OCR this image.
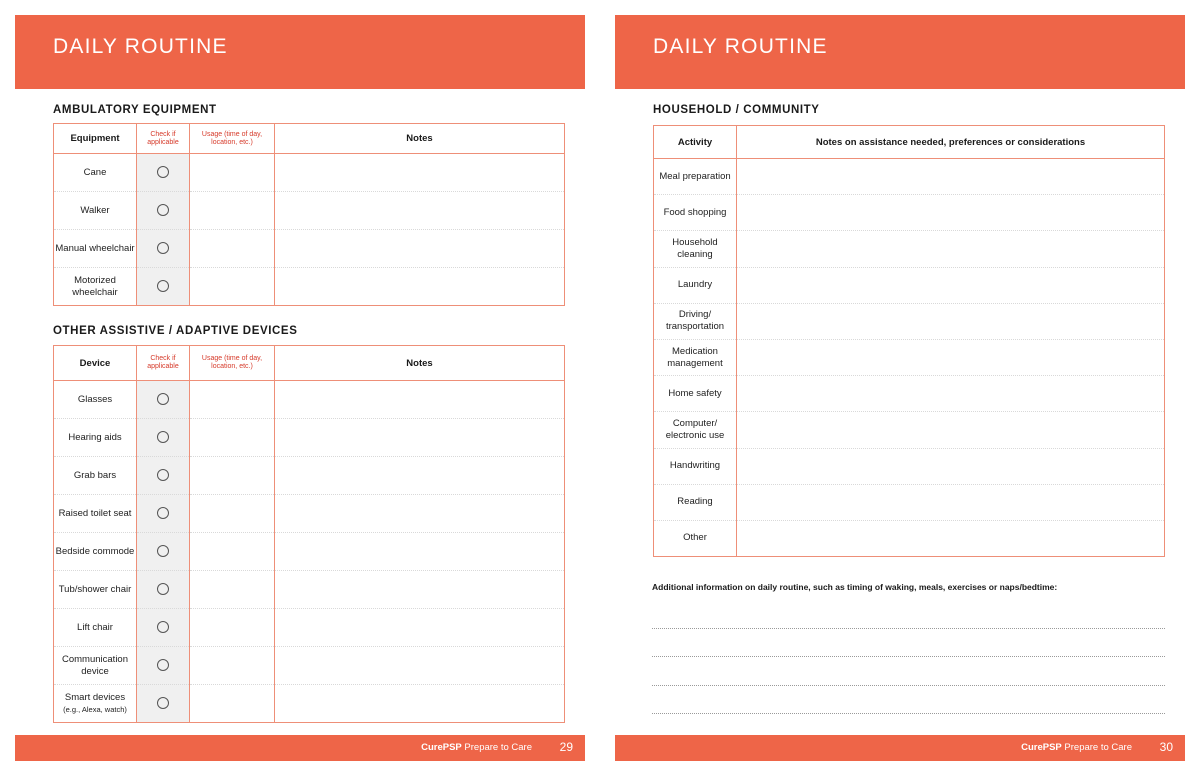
DAILY ROUTINE
AMBULATORY EQUIPMENT
Equipment	Check if applicable	Usage (time of day, location, etc.)	Notes
Cane			
Walker			
Manual wheelchair			
Motorized wheelchair			
OTHER ASSISTIVE / ADAPTIVE DEVICES
Device	Check if applicable	Usage (time of day, location, etc.)	Notes
Glasses			
Hearing aids			
Grab bars			
Raised toilet seat			
Bedside commode			
Tub/shower chair			
Lift chair			
Communication device			
Smart devices
(e.g., Alexa, watch)			
CurePSP Prepare to Care 29
DAILY ROUTINE
HOUSEHOLD / COMMUNITY
Activity	Notes on assistance needed, preferences or considerations
Meal preparation	
Food shopping	
Household cleaning	
Laundry	
Driving/ transportation	
Medication management	
Home safety	
Computer/ electronic use	
Handwriting	
Reading	
Other	
Additional information on daily routine, such as timing of waking, meals, exercises or naps/bedtime:
CurePSP Prepare to Care 30
